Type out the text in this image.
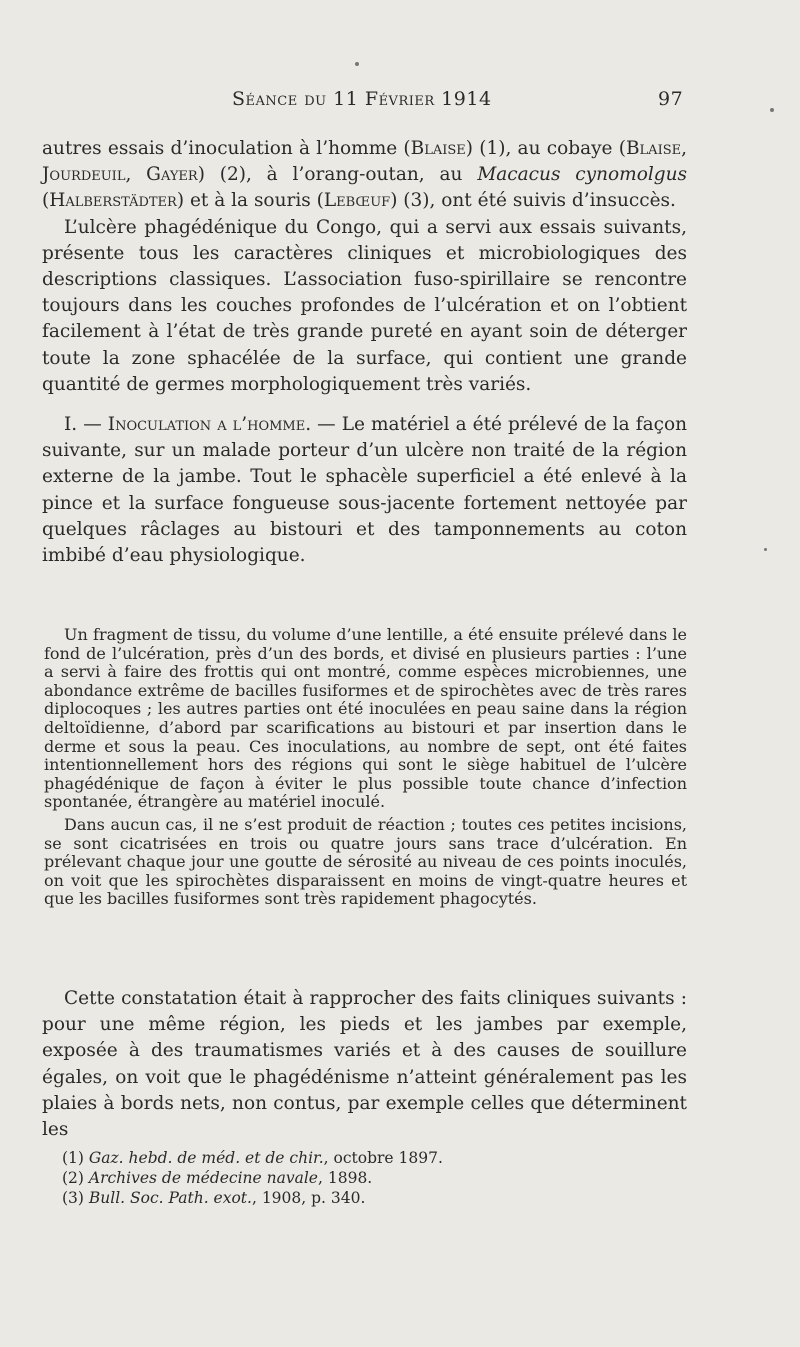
Séance du 11 Février 1914	97

autres essais d’inoculation à l’homme (Blaise) (1), au cobaye (Blaise, Jourdeuil, Gayer) (2), à l’orang-outan, au Macacus cynomolgus (Halberstädter) et à la souris (Lebœuf) (3), ont été suivis d’insuccès.

L’ulcère phagédénique du Congo, qui a servi aux essais suivants, présente tous les caractères cliniques et microbiologiques des descriptions classiques. L’association fuso-spirillaire se rencontre toujours dans les couches profondes de l’ulcération et on l’obtient facilement à l’état de très grande pureté en ayant soin de déterger toute la zone sphacélée de la surface, qui contient une grande quantité de germes morphologiquement très variés.

I. — Inoculation a l’homme. — Le matériel a été prélevé de la façon suivante, sur un malade porteur d’un ulcère non traité de la région externe de la jambe. Tout le sphacèle superficiel a été enlevé à la pince et la surface fongueuse sous-jacente fortement nettoyée par quelques râclages au bistouri et des tamponnements au coton imbibé d’eau physiologique.

Un fragment de tissu, du volume d’une lentille, a été ensuite prélevé dans le fond de l’ulcération, près d’un des bords, et divisé en plusieurs parties : l’une a servi à faire des frottis qui ont montré, comme espèces microbiennes, une abondance extrême de bacilles fusiformes et de spirochètes avec de très rares diplocoques ; les autres parties ont été inoculées en peau saine dans la région deltoïdienne, d’abord par scarifications au bistouri et par insertion dans le derme et sous la peau. Ces inoculations, au nombre de sept, ont été faites intentionnellement hors des régions qui sont le siège habituel de l’ulcère phagédénique de façon à éviter le plus possible toute chance d’infection spontanée, étrangère au matériel inoculé.

Dans aucun cas, il ne s’est produit de réaction ; toutes ces petites incisions, se sont cicatrisées en trois ou quatre jours sans trace d’ulcération. En prélevant chaque jour une goutte de sérosité au niveau de ces points inoculés, on voit que les spirochètes disparaissent en moins de vingt-quatre heures et que les bacilles fusiformes sont très rapidement phagocytés.

Cette constatation était à rapprocher des faits cliniques suivants : pour une même région, les pieds et les jambes par exemple, exposée à des traumatismes variés et à des causes de souillure égales, on voit que le phagédénisme n’atteint généralement pas les plaies à bords nets, non contus, par exemple celles que déterminent les

(1) Gaz. hebd. de méd. et de chir., octobre 1897.
(2) Archives de médecine navale, 1898.
(3) Bull. Soc. Path. exot., 1908, p. 340.
